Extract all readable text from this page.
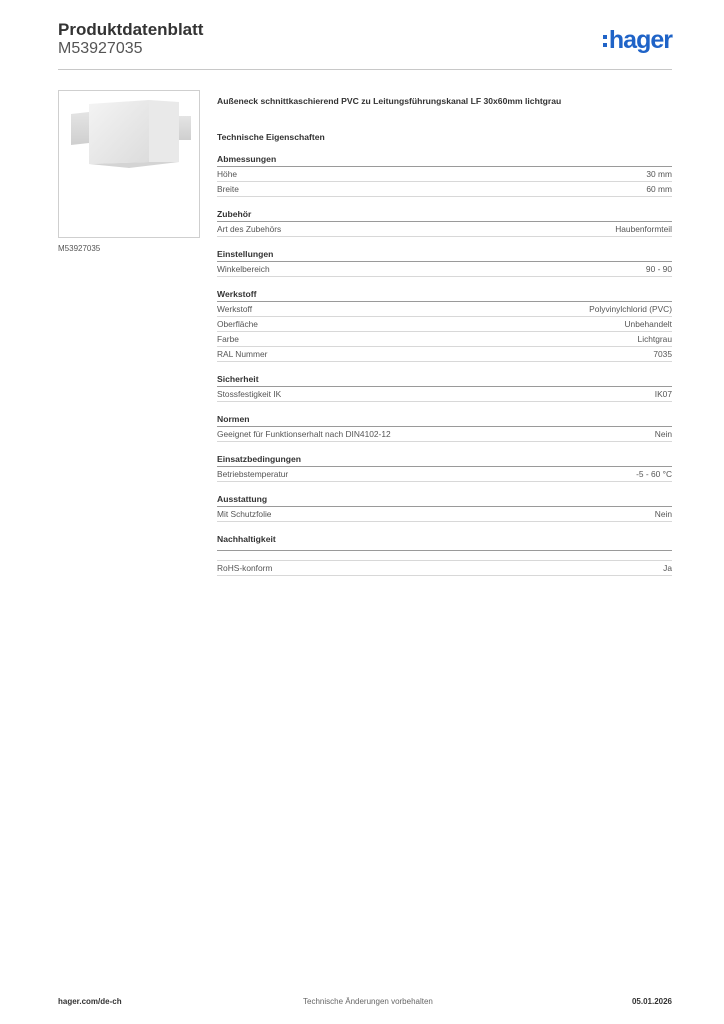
Produktdatenblatt
M53927035	hager
M53927035
Außeneck schnittkaschierend PVC zu Leitungsführungskanal LF 30x60mm lichtgrau
Technische Eigenschaften
Abmessungen
Höhe	30 mm
Breite	60 mm
Zubehör
Art des Zubehörs	Haubenformteil
Einstellungen
Winkelbereich	90 - 90
Werkstoff
Werkstoff	Polyvinylchlorid (PVC)
Oberfläche	Unbehandelt
Farbe	Lichtgrau
RAL Nummer	7035
Sicherheit
Stossfestigkeit IK	IK07
Normen
Geeignet für Funktionserhalt nach DIN4102-12	Nein
Einsatzbedingungen
Betriebstemperatur	-5 - 60 °C
Ausstattung
Mit Schutzfolie	Nein
Nachhaltigkeit
RoHS-konform	Ja
hager.com/de-ch	Technische Änderungen vorbehalten	05.01.2026
